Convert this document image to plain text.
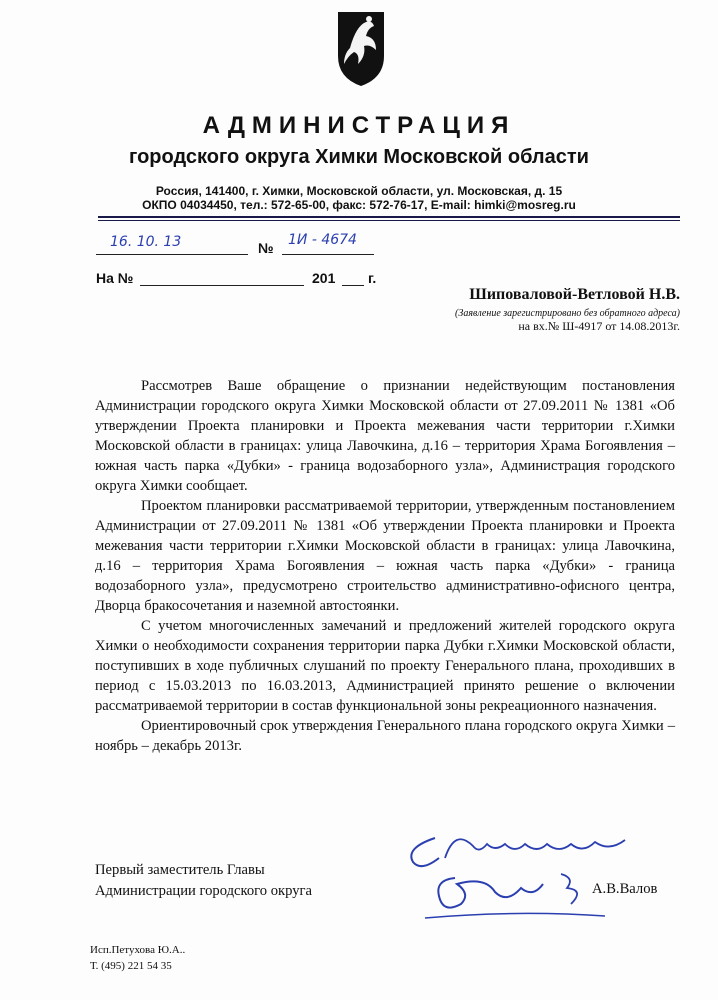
АДМИНИСТРАЦИЯ
городского округа Химки Московской области
Россия, 141400, г. Химки, Московской области, ул. Московская, д. 15
ОКПО 04034450, тел.: 572-65-00, факс: 572-76-17, E-mail: himki@mosreg.ru
16. 10. 13	№ 1И - 4674
На №	201 г.
Шиповаловой-Ветловой Н.В.
(Заявление зарегистрировано без обратного адреса)
на вх.№ Ш-4917 от 14.08.2013г.

Рассмотрев Ваше обращение о признании недействующим постановления Администрации городского округа Химки Московской области от 27.09.2011 № 1381 «Об утверждении Проекта планировки и Проекта межевания части территории г.Химки Московской области в границах: улица Лавочкина, д.16 – территория Храма Богоявления – южная часть парка «Дубки» - граница водозаборного узла», Администрация городского округа Химки сообщает.

Проектом планировки рассматриваемой территории, утвержденным постановлением Администрации от 27.09.2011 № 1381 «Об утверждении Проекта планировки и Проекта межевания части территории г.Химки Московской области в границах: улица Лавочкина, д.16 – территория Храма Богоявления – южная часть парка «Дубки» - граница водозаборного узла», предусмотрено строительство административно-офисного центра, Дворца бракосочетания и наземной автостоянки.

С учетом многочисленных замечаний и предложений жителей городского округа Химки о необходимости сохранения территории парка Дубки г.Химки Московской области, поступивших в ходе публичных слушаний по проекту Генерального плана, проходивших в период с 15.03.2013 по 16.03.2013, Администрацией принято решение о включении рассматриваемой территории в состав функциональной зоны рекреационного назначения.

Ориентировочный срок утверждения Генерального плана городского округа Химки – ноябрь – декабрь 2013г.

Первый заместитель Главы
Администрации городского округа	А.В.Валов
Исп.Петухова Ю.А..
Т. (495) 221 54 35
